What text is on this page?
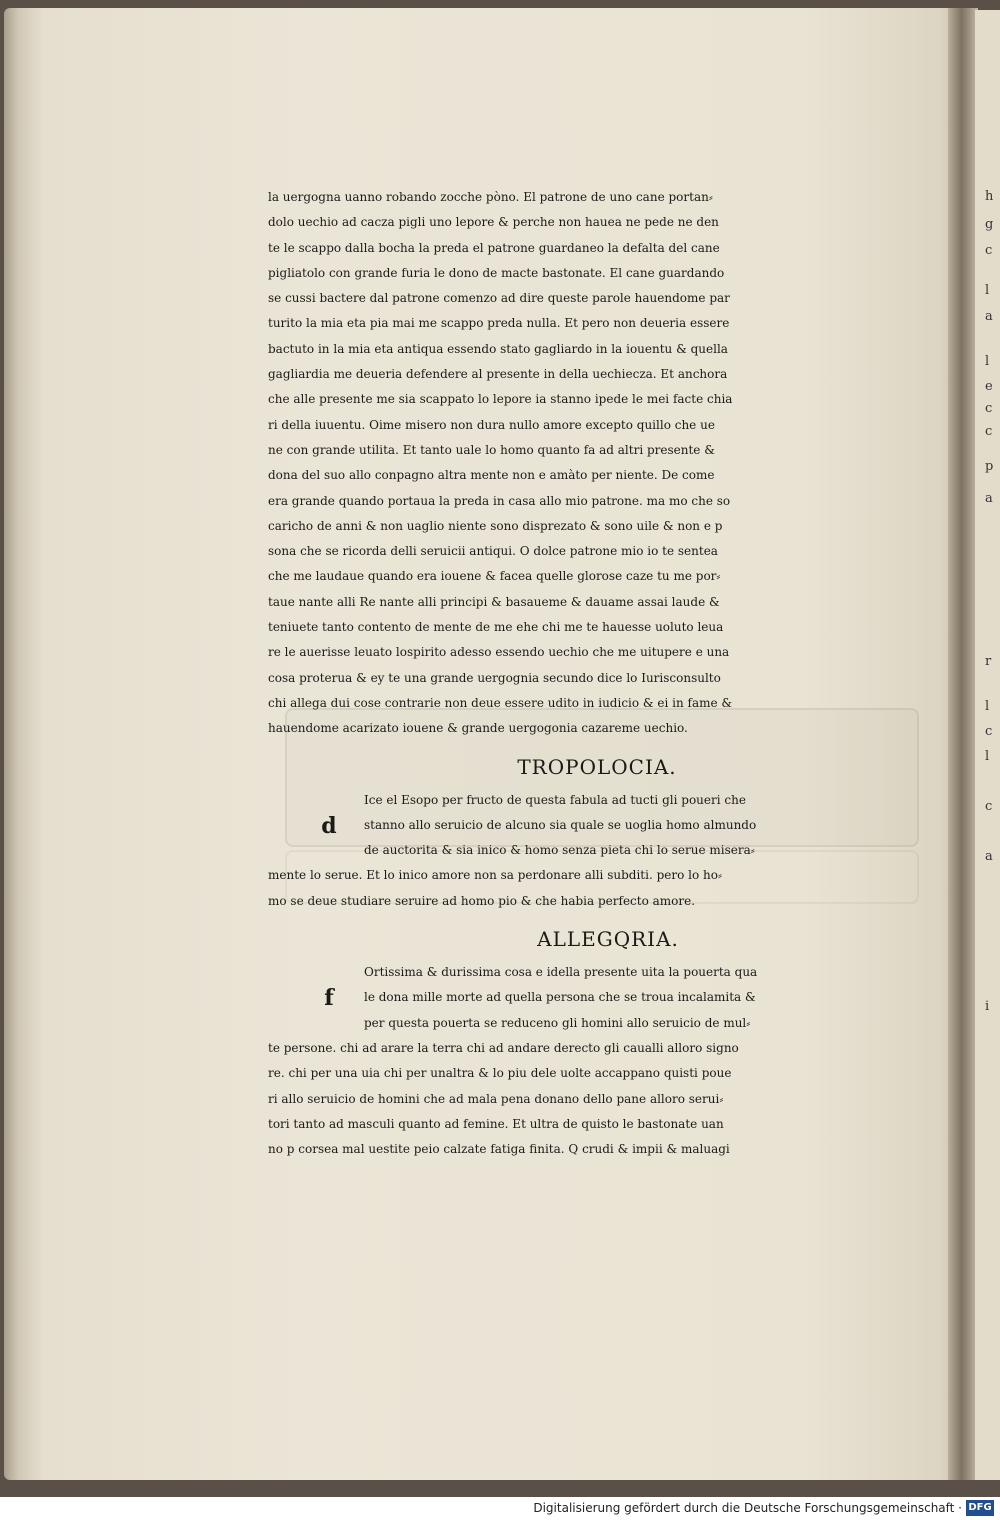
h
g
c
l
a
l
e
c
c
p
a
r
l
c
l
c
a
i
la uergogna uanno robando zocche pòno. El patrone de uno cane portan⸗
dolo uechio ad cacza pigli uno lepore & perche non hauea ne pede ne den
te le scappo dalla bocha la preda el patrone guardaneo la defalta del cane
pigliatolo con grande furia le dono de macte bastonate. El cane guardando
se cussi bactere dal patrone comenzo ad dire queste parole hauendome par
turito la mia eta pia mai me scappo preda nulla. Et pero non deueria essere
bactuto in la mia eta antiqua essendo stato gagliardo in la iouentu & quella
gagliardia me deueria defendere al presente in della uechiecza. Et anchora
che alle presente me sia scappato lo lepore ia stanno ipede le mei facte chia
ri della iuuentu. Oime misero non dura nullo amore excepto quillo che ue
ne con grande utilita. Et tanto uale lo homo quanto fa ad altri presente &
dona del suo allo conpagno altra mente non e amàto per niente. De come
era grande quando portaua la preda in casa allo mio patrone. ma mo che so
caricho de anni & non uaglio niente sono disprezato & sono uile & non e p
sona che se ricorda delli seruicii antiqui. O dolce patrone mio io te sentea
che me laudaue quando era iouene & facea quelle glorose caze tu me por⸗
taue nante alli Re nante alli principi & basaueme & dauame assai laude &
teniuete tanto contento de mente de me ehe chi me te hauesse uoluto leua
re le auerisse leuato lospirito adesso essendo uechio che me uitupere e una
cosa proterua & ey te una grande uergognia secundo dice lo Iurisconsulto
chi allega dui cose contrarie non deue essere udito in iudicio & ei in fame &
hauendome acarizato iouene & grande uergogonia cazareme uechio.
TROPOLOCIA.
d
Ice el Esopo per fructo de questa fabula ad tucti gli poueri che
stanno allo seruicio de alcuno sia quale se uoglia homo almundo
de auctorita & sia inico & homo senza pieta chi lo serue misera⸗
mente lo serue. Et lo inico amore non sa perdonare alli subditi. pero lo ho⸗
mo se deue studiare seruire ad homo pio & che habia perfecto amore.
ALLEGQRIA.
f
Ortissima & durissima cosa e idella presente uita la pouerta qua
le dona mille morte ad quella persona che se troua incalamita &
per questa pouerta se reduceno gli homini allo seruicio de mul⸗
te persone. chi ad arare la terra chi ad andare derecto gli caualli alloro signo
re. chi per una uia chi per unaltra & lo piu dele uolte accappano quisti poue
ri allo seruicio de homini che ad mala pena donano dello pane alloro serui⸗
tori tanto ad masculi quanto ad femine. Et ultra de quisto le bastonate uan
no p corsea mal uestite peio calzate fatiga finita. Q crudi & impii & maluagi
Digitalisierung gefördert durch die Deutsche Forschungsgemeinschaft · DFG
